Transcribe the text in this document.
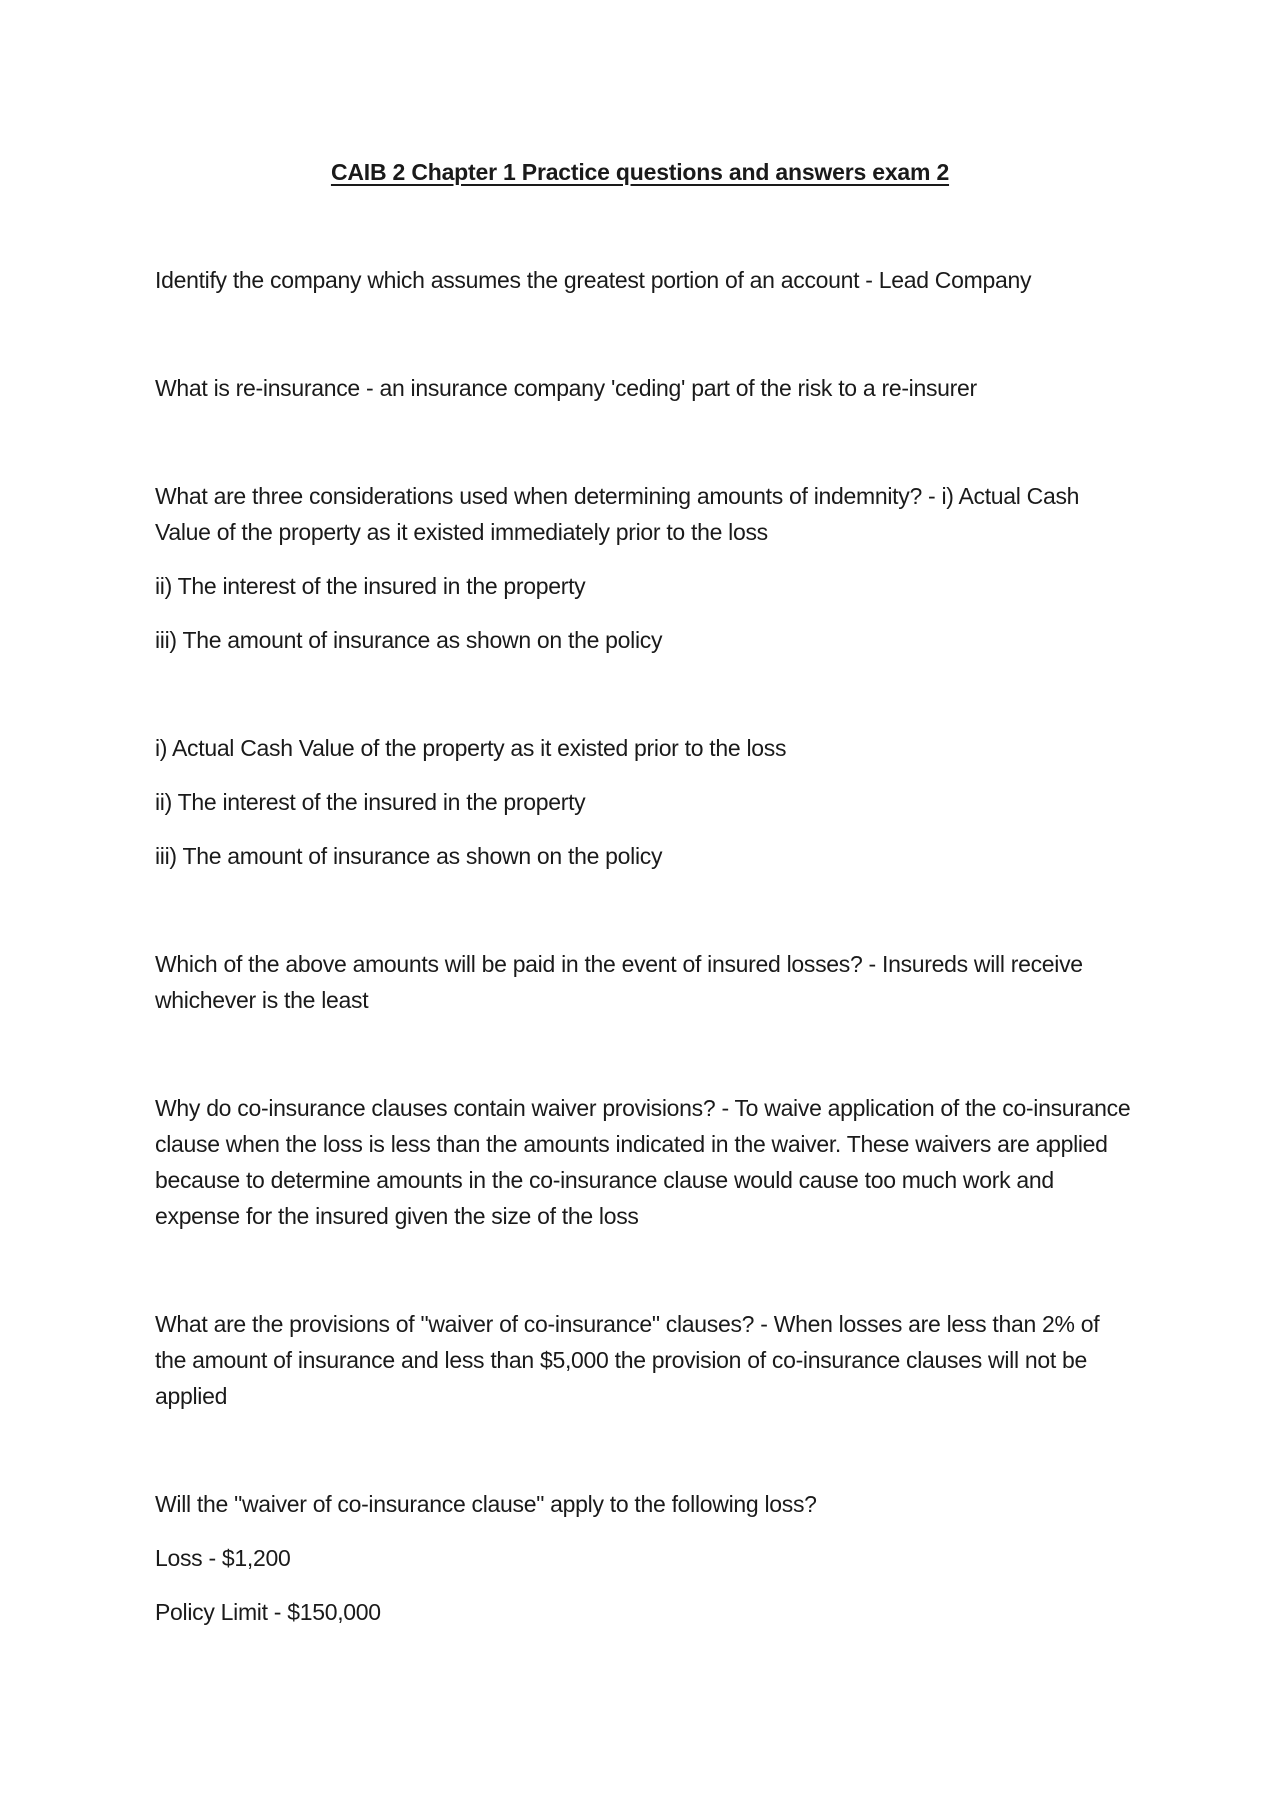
CAIB 2 Chapter 1 Practice questions and answers exam 2

Identify the company which assumes the greatest portion of an account - Lead Company

What is re-insurance - an insurance company 'ceding' part of the risk to a re-insurer

What are three considerations used when determining amounts of indemnity? - i) Actual Cash Value of the property as it existed immediately prior to the loss

ii) The interest of the insured in the property

iii) The amount of insurance as shown on the policy

i) Actual Cash Value of the property as it existed prior to the loss

ii) The interest of the insured in the property

iii) The amount of insurance as shown on the policy

Which of the above amounts will be paid in the event of insured losses? - Insureds will receive whichever is the least

Why do co-insurance clauses contain waiver provisions? - To waive application of the co-insurance clause when the loss is less than the amounts indicated in the waiver. These waivers are applied because to determine amounts in the co-insurance clause would cause too much work and expense for the insured given the size of the loss

What are the provisions of "waiver of co-insurance" clauses? - When losses are less than 2% of the amount of insurance and less than $5,000 the provision of co-insurance clauses will not be applied

Will the "waiver of co-insurance clause" apply to the following loss?

Loss - $1,200

Policy Limit - $150,000
